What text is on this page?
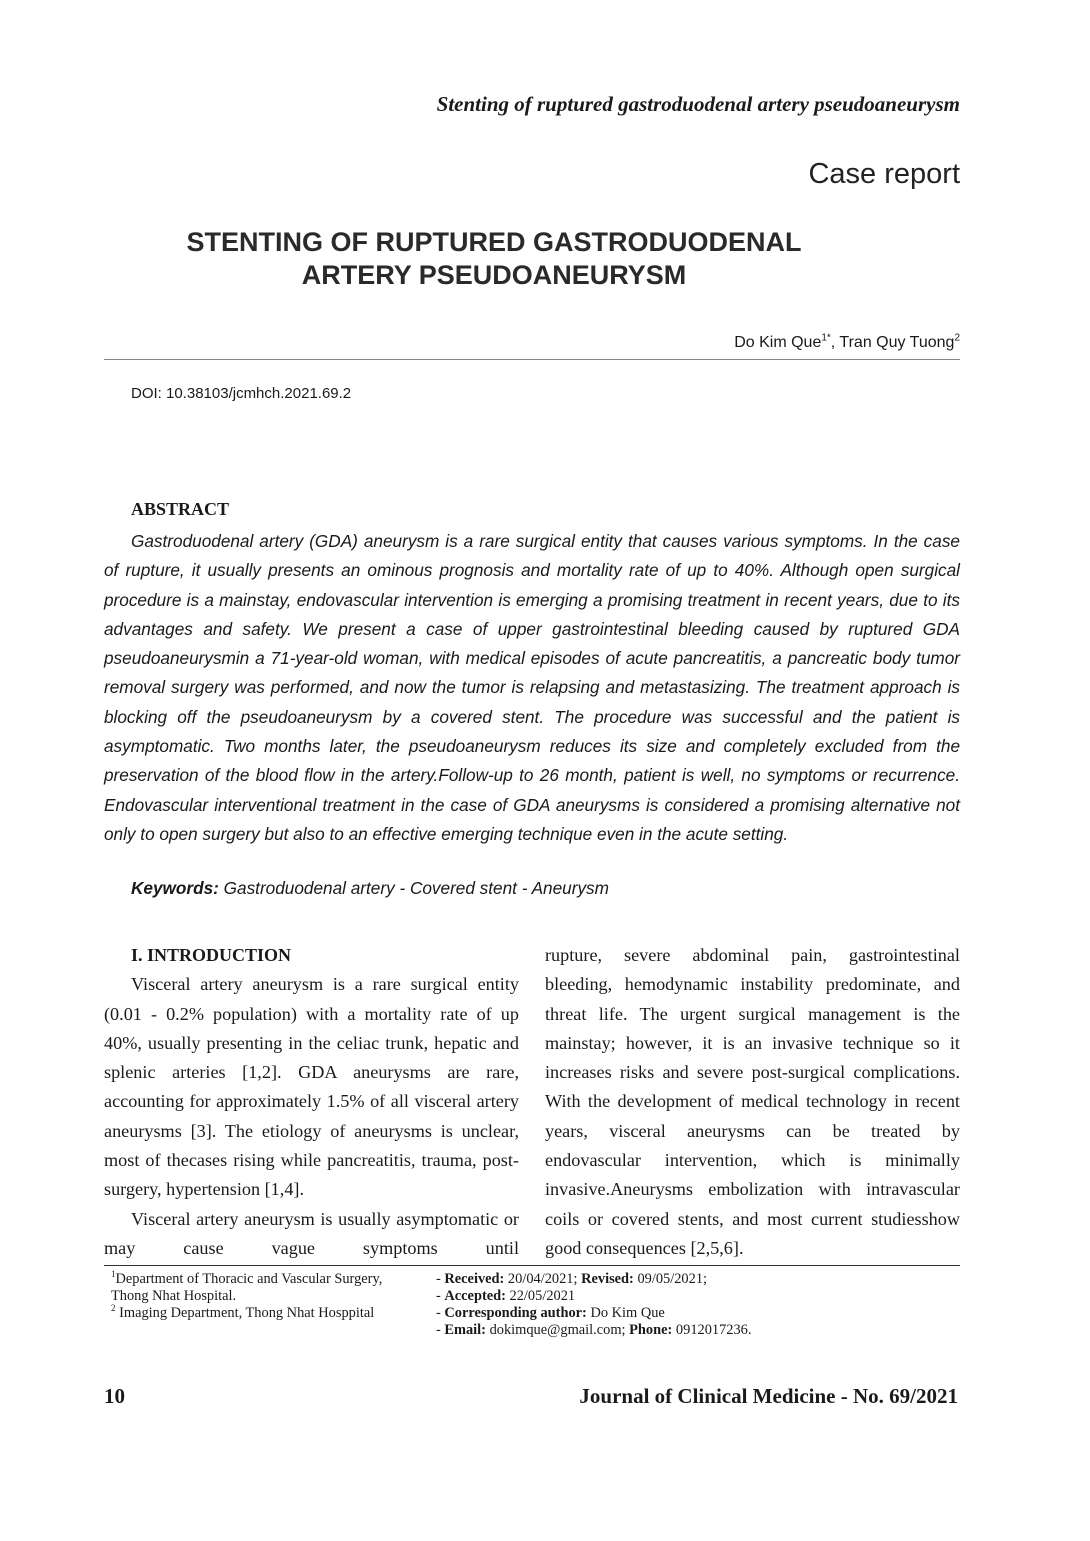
Stenting of ruptured gastroduodenal artery pseudoaneurysm
Case report
STENTING OF RUPTURED GASTRODUODENAL
ARTERY PSEUDOANEURYSM
Do Kim Que$^{1*}$, Tran Quy Tuong$^2$
DOI: 10.38103/jcmhch.2021.69.2
ABSTRACT
Gastroduodenal artery (GDA) aneurysm is a rare surgical entity that causes various symptoms. In the case of rupture, it usually presents an ominous prognosis and mortality rate of up to 40%. Although open surgical procedure is a mainstay, endovascular intervention is emerging a promising treatment in recent years, due to its advantages and safety. We present a case of upper gastrointestinal bleeding caused by ruptured GDA pseudoaneurysmin a 71-year-old woman, with medical episodes of acute pancreatitis, a pancreatic body tumor removal surgery was performed, and now the tumor is relapsing and metastasizing. The treatment approach is blocking off the pseudoaneurysm by a covered stent. The procedure was successful and the patient is asymptomatic. Two months later, the pseudoaneurysm reduces its size and completely excluded from the preservation of the blood flow in the artery.Follow-up to 26 month, patient is well, no symptoms or recurrence. Endovascular interventional treatment in the case of GDA aneurysms is considered a promising alternative not only to open surgery but also to an effective emerging technique even in the acute setting.
Keywords: Gastroduodenal artery - Covered stent - Aneurysm

I. INTRODUCTION

Visceral artery aneurysm is a rare surgical entity (0.01 - 0.2% population) with a mortality rate of up 40%, usually presenting in the celiac trunk, hepatic and splenic arteries [1,2]. GDA aneurysms are rare, accounting for approximately 1.5% of all visceral artery aneurysms [3]. The etiology of aneurysms is unclear, most of thecases rising while pancreatitis, trauma, post-surgery, hypertension [1,4].

Visceral artery aneurysm is usually asymptomatic or may cause vague symptoms until

rupture, severe abdominal pain, gastrointestinal bleeding, hemodynamic instability predominate, and threat life. The urgent surgical management is the mainstay; however, it is an invasive technique so it increases risks and severe post-surgical complications. With the development of medical technology in recent years, visceral aneurysms can be treated by endovascular intervention, which is minimally invasive.Aneurysms embolization with intravascular coils or covered stents, and most current studiesshow good consequences [2,5,6].

$^1$Department of Thoracic and Vascular Surgery,
Thong Nhat Hospital.
$^2$ Imaging Department, Thong Nhat Hosppital
- Received: 20/04/2021; Revised: 09/05/2021;
- Accepted: 22/05/2021
- Corresponding author: Do Kim Que
- Email: dokimque@gmail.com; Phone: 0912017236.
10	Journal of Clinical Medicine - No. 69/2021
